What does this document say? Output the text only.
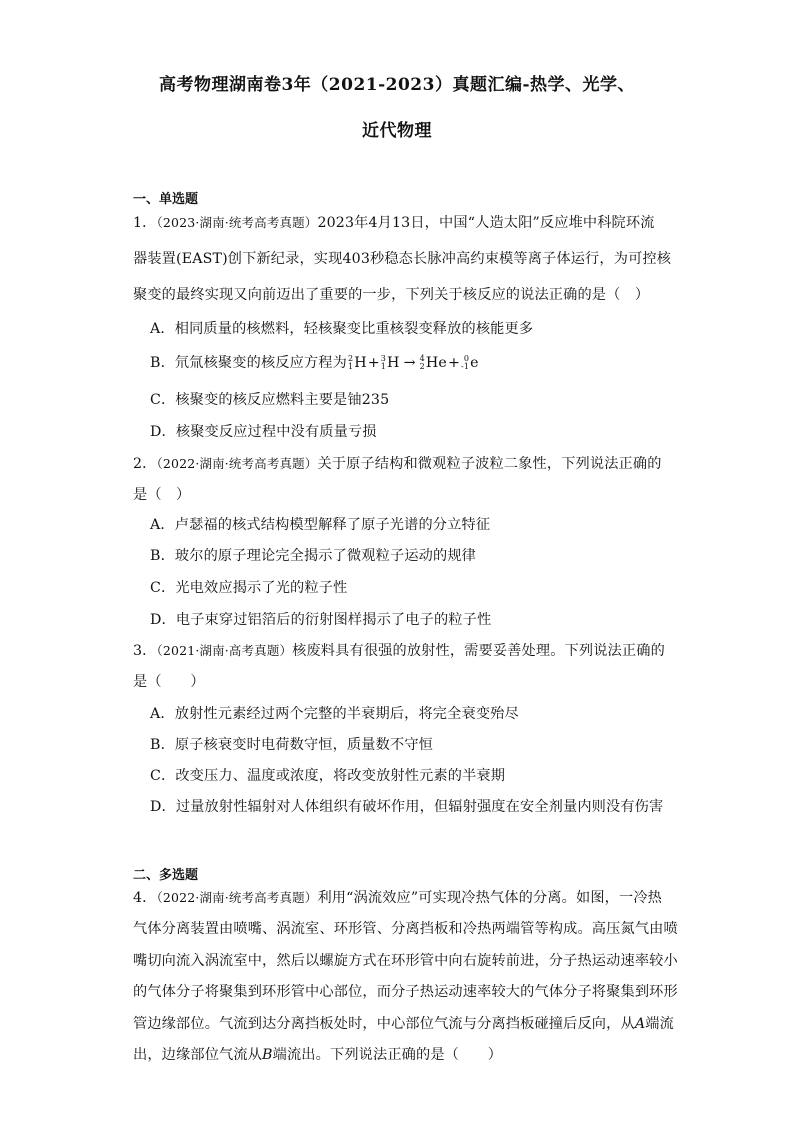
高考物理湖南卷3年（2021-2023）真题汇编-热学、光学、
近代物理
一、单选题
1．（2023·湖南·统考高考真题）2023年4月13日，中国“人造太阳”反应堆中科院环流
器装置(EAST)创下新纪录，实现403秒稳态长脉冲高约束模等离子体运行，为可控核
聚变的最终实现又向前迈出了重要的一步，下列关于核反应的说法正确的是（　）
A．相同质量的核燃料，轻核聚变比重核裂变释放的核能更多
B．氘氚核聚变的核反应方程为 2
1 H+ 3
1 H → 4
2 He+ 0
-1 e
C．核聚变的核反应燃料主要是铀235
D．核聚变反应过程中没有质量亏损
2．（2022·湖南·统考高考真题）关于原子结构和微观粒子波粒二象性，下列说法正确的
是（　）
A．卢瑟福的核式结构模型解释了原子光谱的分立特征
B．玻尔的原子理论完全揭示了微观粒子运动的规律
C．光电效应揭示了光的粒子性
D．电子束穿过铝箔后的衍射图样揭示了电子的粒子性
3．（2021·湖南·高考真题）核废料具有很强的放射性，需要妥善处理。下列说法正确的
是（　　）
A．放射性元素经过两个完整的半衰期后，将完全衰变殆尽
B．原子核衰变时电荷数守恒，质量数不守恒
C．改变压力、温度或浓度，将改变放射性元素的半衰期
D．过量放射性辐射对人体组织有破坏作用，但辐射强度在安全剂量内则没有伤害
二、多选题
4．（2022·湖南·统考高考真题）利用“涡流效应”可实现冷热气体的分离。如图，一冷热
气体分离装置由喷嘴、涡流室、环形管、分离挡板和冷热两端管等构成。高压氮气由喷
嘴切向流入涡流室中，然后以螺旋方式在环形管中向右旋转前进，分子热运动速率较小
的气体分子将聚集到环形管中心部位，而分子热运动速率较大的气体分子将聚集到环形
管边缘部位。气流到达分离挡板处时，中心部位气流与分离挡板碰撞后反向，从A端流
出，边缘部位气流从B端流出。下列说法正确的是（　　）
